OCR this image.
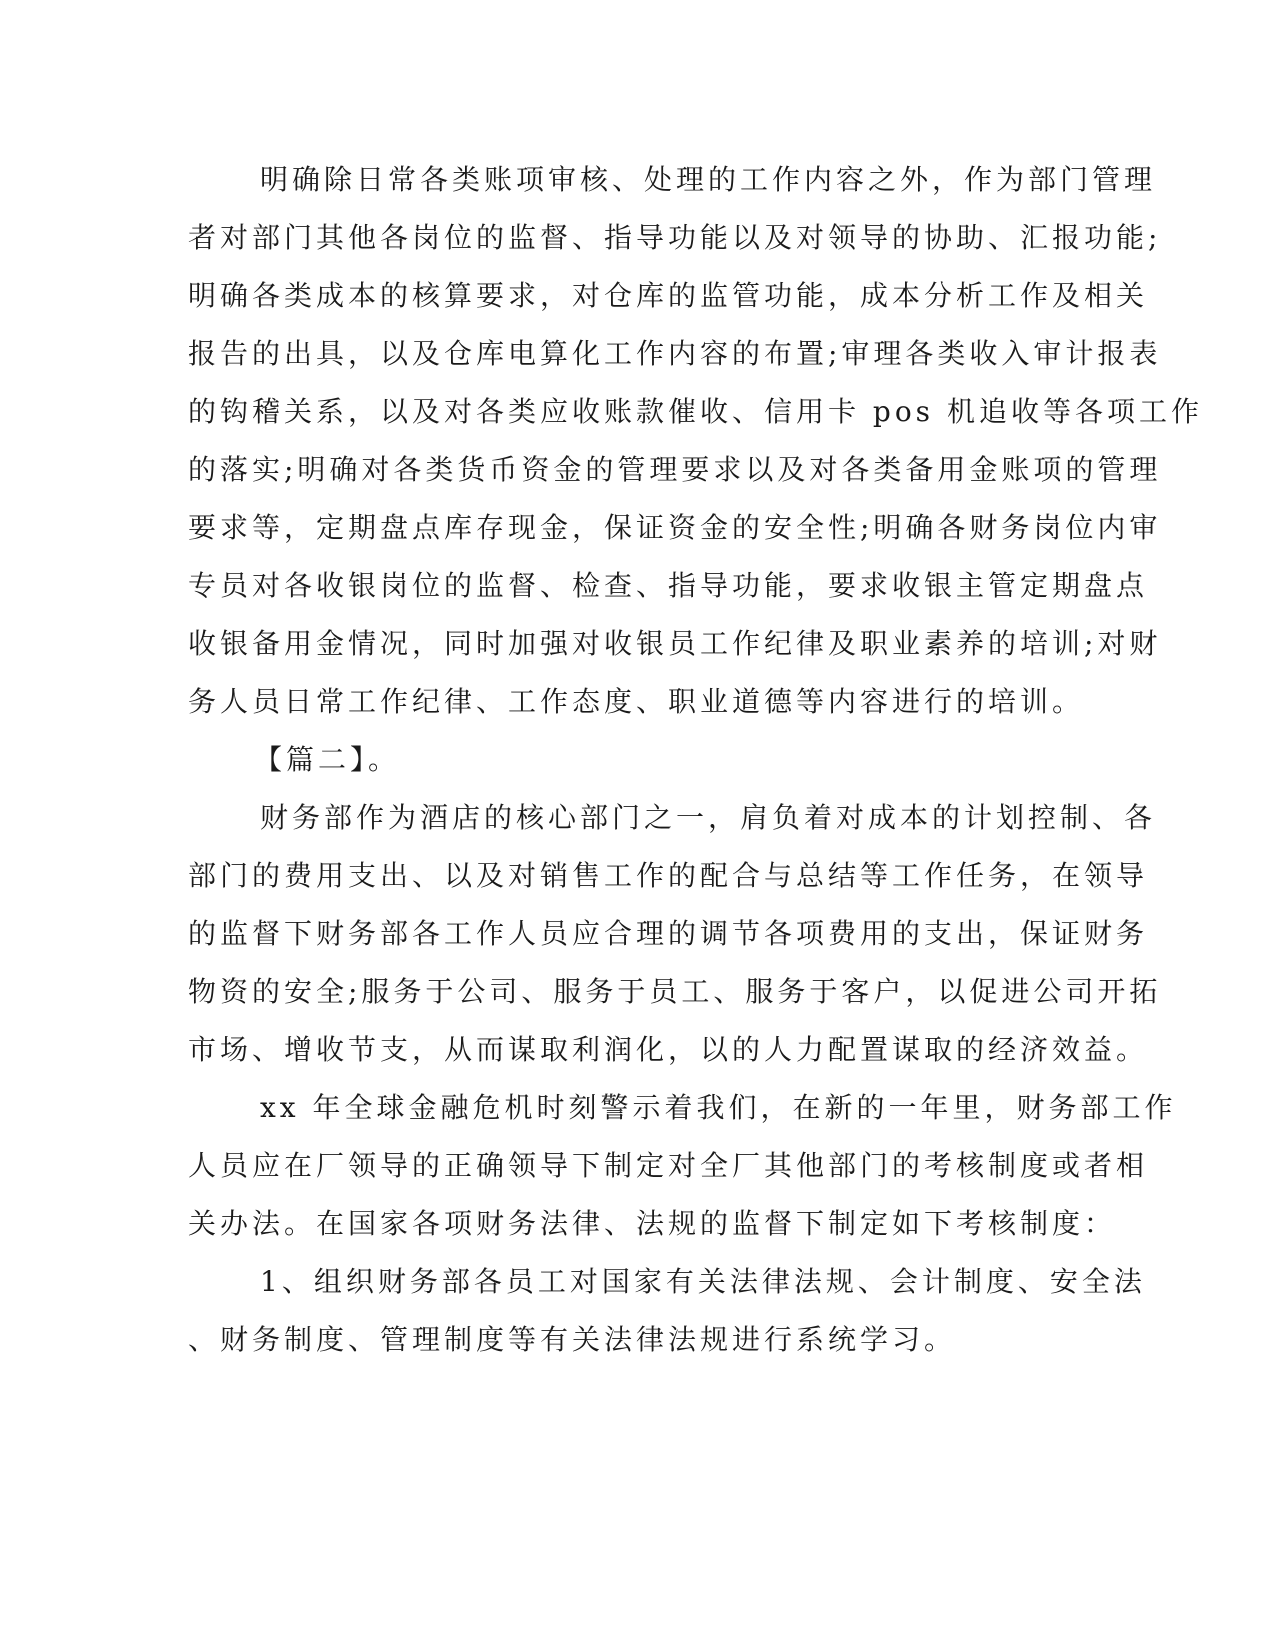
明确除日常各类账项审核、处理的工作内容之外，作为部门管理
者对部门其他各岗位的监督、指导功能以及对领导的协助、汇报功能;
明确各类成本的核算要求，对仓库的监管功能，成本分析工作及相关
报告的出具，以及仓库电算化工作内容的布置;审理各类收入审计报表
的钩稽关系，以及对各类应收账款催收、信用卡 pos 机追收等各项工作
的落实;明确对各类货币资金的管理要求以及对各类备用金账项的管理
要求等，定期盘点库存现金，保证资金的安全性;明确各财务岗位内审
专员对各收银岗位的监督、检查、指导功能，要求收银主管定期盘点
收银备用金情况，同时加强对收银员工作纪律及职业素养的培训;对财
务人员日常工作纪律、工作态度、职业道德等内容进行的培训。
【篇二】。
财务部作为酒店的核心部门之一，肩负着对成本的计划控制、各
部门的费用支出、以及对销售工作的配合与总结等工作任务，在领导
的监督下财务部各工作人员应合理的调节各项费用的支出，保证财务
物资的安全;服务于公司、服务于员工、服务于客户，以促进公司开拓
市场、增收节支，从而谋取利润化，以的人力配置谋取的经济效益。
xx 年全球金融危机时刻警示着我们，在新的一年里，财务部工作
人员应在厂领导的正确领导下制定对全厂其他部门的考核制度或者相
关办法。在国家各项财务法律、法规的监督下制定如下考核制度：
1、组织财务部各员工对国家有关法律法规、会计制度、安全法
、财务制度、管理制度等有关法律法规进行系统学习。
